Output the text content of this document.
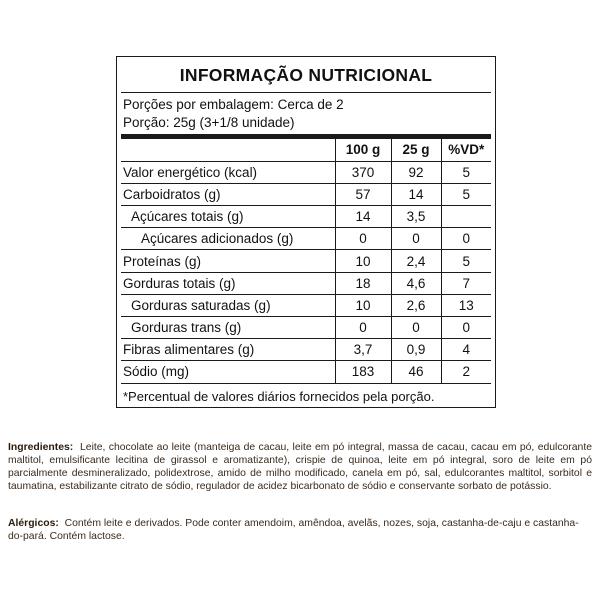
INFORMAÇÃO NUTRICIONAL
Porções por embalagem: Cerca de 2
Porção: 25g (3+1/8 unidade)
	100 g	25 g	%VD*
Valor energético (kcal)	370	92	5
Carboidratos (g)	57	14	5
Açúcares totais (g)	14	3,5	
Açúcares adicionados (g)	0	0	0
Proteínas (g)	10	2,4	5
Gorduras totais (g)	18	4,6	7
Gorduras saturadas (g)	10	2,6	13
Gorduras trans (g)	0	0	0
Fibras alimentares (g)	3,7	0,9	4
Sódio (mg)	183	46	2
*Percentual de valores diários fornecidos pela porção.
Ingredientes:  Leite, chocolate ao leite (manteiga de cacau, leite em pó integral, massa de cacau, cacau em pó, edulcorante maltitol, emulsificante lecitina de girassol e aromatizante), crispie de quinoa, leite em pó integral, soro de leite em pó parcialmente desmineralizado, polidextrose, amido de milho modificado, canela em pó, sal, edulcorantes maltitol, sorbitol e taumatina, estabilizante citrato de sódio, regulador de acidez bicarbonato de sódio e conservante sorbato de potássio.
Alérgicos:  Contém leite e derivados. Pode conter amendoim, amêndoa, avelãs, nozes, soja, castanha-de-caju e castanha-do-pará. Contém lactose.
